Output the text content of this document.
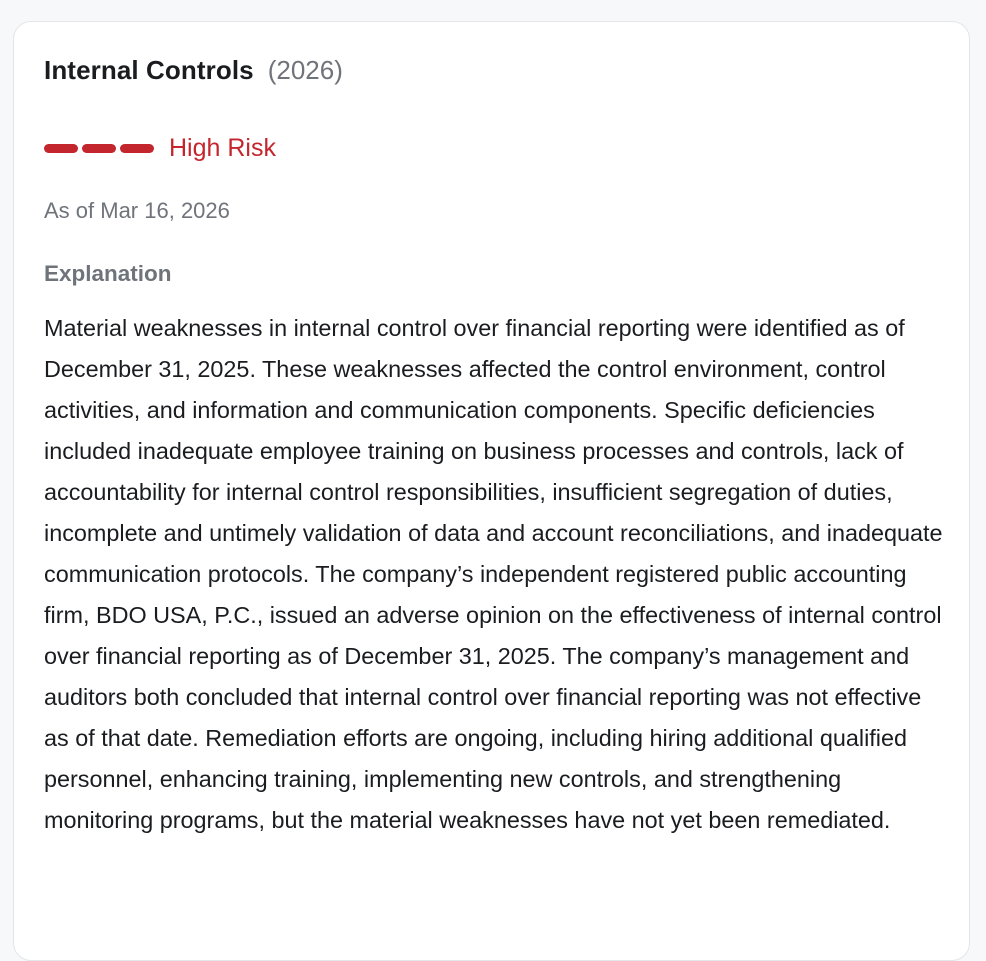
Internal Controls (2026)
High Risk
As of Mar 16, 2026
Explanation

Material weaknesses in internal control over financial reporting were identified as of December 31, 2025. These weaknesses affected the control environment, control activities, and information and communication components. Specific deficiencies included inadequate employee training on business processes and controls, lack of accountability for internal control responsibilities, insufficient segregation of duties, incomplete and untimely validation of data and account reconciliations, and inadequate communication protocols. The company’s independent registered public accounting firm, BDO USA, P.C., issued an adverse opinion on the effectiveness of internal control over financial reporting as of December 31, 2025. The company’s management and auditors both concluded that internal control over financial reporting was not effective as of that date. Remediation efforts are ongoing, including hiring additional qualified personnel, enhancing training, implementing new controls, and strengthening monitoring programs, but the material weaknesses have not yet been remediated.
